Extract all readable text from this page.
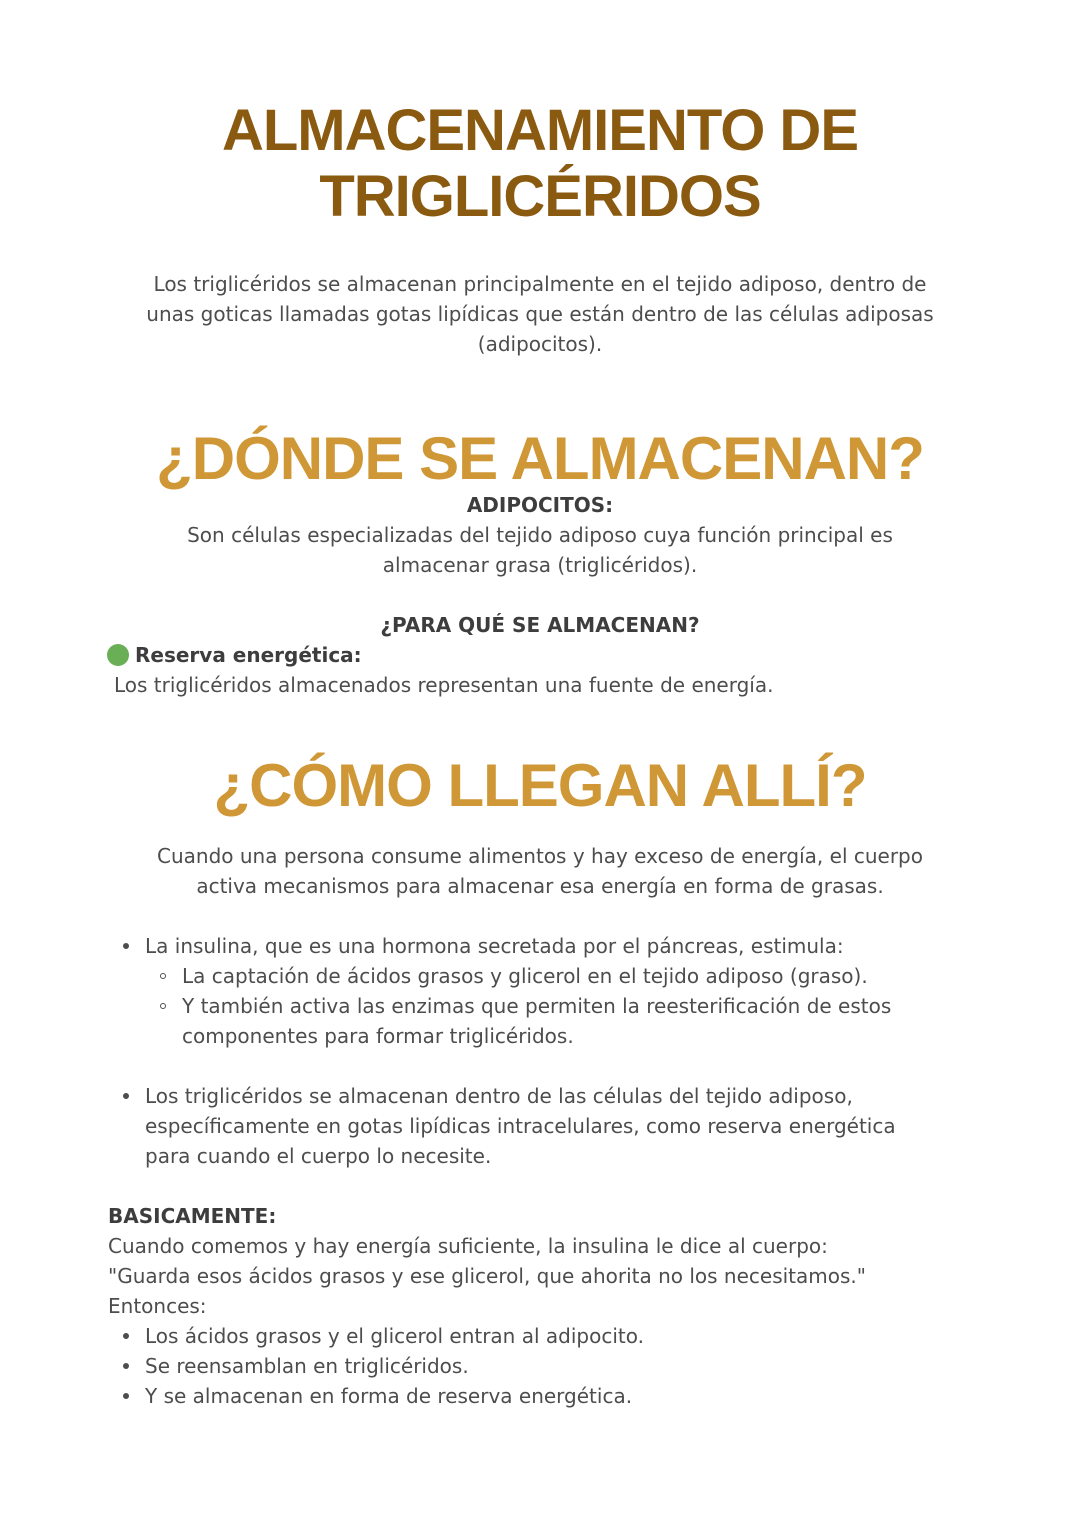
ALMACENAMIENTO DE
TRIGLICÉRIDOS
Los triglicéridos se almacenan principalmente en el tejido adiposo, dentro de
unas goticas llamadas gotas lipídicas que están dentro de las células adiposas
(adipocitos).
¿DÓNDE SE ALMACENAN?
ADIPOCITOS:
Son células especializadas del tejido adiposo cuya función principal es
almacenar grasa (triglicéridos).
¿PARA QUÉ SE ALMACENAN?
Reserva energética:
Los triglicéridos almacenados representan una fuente de energía.
¿CÓMO LLEGAN ALLÍ?
Cuando una persona consume alimentos y hay exceso de energía, el cuerpo
activa mecanismos para almacenar esa energía en forma de grasas.
La insulina, que es una hormona secretada por el páncreas, estimula:
La captación de ácidos grasos y glicerol en el tejido adiposo (graso).
Y también activa las enzimas que permiten la reesterificación de estos
componentes para formar triglicéridos.
Los triglicéridos se almacenan dentro de las células del tejido adiposo,
específicamente en gotas lipídicas intracelulares, como reserva energética
para cuando el cuerpo lo necesite.
BASICAMENTE:
Cuando comemos y hay energía suficiente, la insulina le dice al cuerpo:
"Guarda esos ácidos grasos y ese glicerol, que ahorita no los necesitamos."
Entonces:
Los ácidos grasos y el glicerol entran al adipocito.
Se reensamblan en triglicéridos.
Y se almacenan en forma de reserva energética.
